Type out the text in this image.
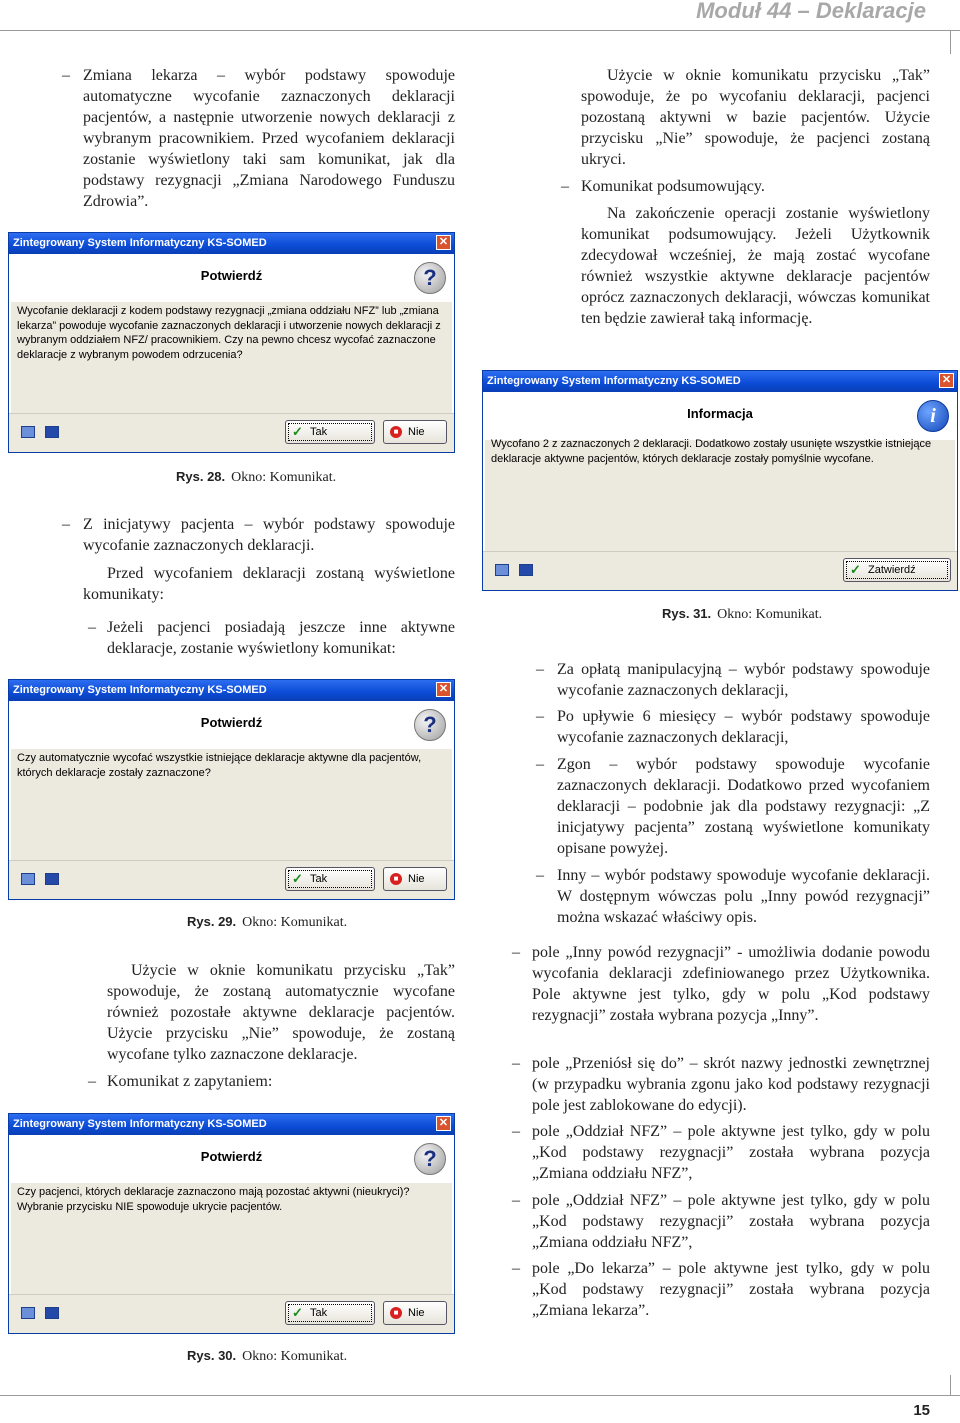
Moduł 44 – Deklaracje
– Zmiana lekarza – wybór podstawy spowoduje automatyczne wycofanie zaznaczonych deklaracji pacjentów, a następnie utworzenie nowych deklaracji z wybranym pracownikiem. Przed wycofaniem deklaracji zostanie wyświetlony taki sam komunikat, jak dla podstawy rezygnacji „Zmiana Narodowego Funduszu Zdrowia”.

Zintegrowany System Informatyczny KS-SOMED	✕
Potwierdź	?
Wycofanie deklaracji z kodem podstawy rezygnacji „zmiana oddziału NFZ” lub „zmiana lekarza” powoduje wycofanie zaznaczonych deklaracji i utworzenie nowych deklaracji z wybranym oddziałem NFZ/ pracownikiem. Czy na pewno chcesz wycofać zaznaczone deklaracje z wybranym powodem odrzucenia?
✓ Tak	■ Nie
Rys. 28. Okno: Komunikat.
– Z inicjatywy pacjenta – wybór podstawy spowoduje wycofanie zaznaczonych deklaracji.

Przed wycofaniem deklaracji zostaną wyświetlone komunikaty:

– Jeżeli pacjenci posiadają jeszcze inne aktywne deklaracje, zostanie wyświetlony komunikat:

Zintegrowany System Informatyczny KS-SOMED	✕
Potwierdź	?
Czy automatycznie wycofać wszystkie istniejące deklaracje aktywne dla pacjentów, których deklaracje zostały zaznaczone?
✓ Tak	■ Nie
Rys. 29. Okno: Komunikat.

Użycie w oknie komunikatu przycisku „Tak” spowoduje, że zostaną automatycznie wycofane również pozostałe aktywne deklaracje pacjentów. Użycie przycisku „Nie” spowoduje, że zostaną wycofane tylko zaznaczone deklaracje.

– Komunikat z zapytaniem:

Zintegrowany System Informatyczny KS-SOMED	✕
Potwierdź	?
Czy pacjenci, których deklaracje zaznaczono mają pozostać aktywni (nieukryci)? Wybranie przycisku NIE spowoduje ukrycie pacjentów.
✓ Tak	■ Nie
Rys. 30. Okno: Komunikat.

Użycie w oknie komunikatu przycisku „Tak” spowoduje, że po wycofaniu deklaracji, pacjenci pozostaną aktywni w bazie pacjentów. Użycie przycisku „Nie” spowoduje, że pacjenci zostaną ukryci.

– Komunikat podsumowujący.

Na zakończenie operacji zostanie wyświetlony komunikat podsumowujący. Jeżeli Użytkownik zdecydował wcześniej, że mają zostać wycofane również wszystkie aktywne deklaracje pacjentów oprócz zaznaczonych deklaracji, wówczas komunikat ten będzie zawierał taką informację.

Zintegrowany System Informatyczny KS-SOMED	✕
Informacja	i
Wycofano 2 z zaznaczonych 2 deklaracji. Dodatkowo zostały usunięte wszystkie istniejące deklaracje aktywne pacjentów, których deklaracje zostały pomyślnie wycofane.
✓ Zatwierdź
Rys. 31. Okno: Komunikat.
– Za opłatą manipulacyjną – wybór podstawy spowoduje wycofanie zaznaczonych deklaracji,

– Po upływie 6 miesięcy – wybór podstawy spowoduje wycofanie zaznaczonych deklaracji,

– Zgon – wybór podstawy spowoduje wycofanie zaznaczonych deklaracji. Dodatkowo przed wycofaniem deklaracji – podobnie jak dla podstawy rezygnacji: „Z inicjatywy pacjenta” zostaną wyświetlone komunikaty opisane powyżej.

– Inny – wybór podstawy spowoduje wycofanie deklaracji. W dostępnym wówczas polu „Inny powód rezygnacji” można wskazać właściwy opis.

– pole „Inny powód rezygnacji” - umożliwia dodanie powodu wycofania deklaracji zdefiniowanego przez Użytkownika. Pole aktywne jest tylko, gdy w polu „Kod podstawy rezygnacji” została wybrana pozycja „Inny”.

– pole „Przeniósł się do” – skrót nazwy jednostki zewnętrznej (w przypadku wybrania zgonu jako kod podstawy rezygnacji pole jest zablokowane do edycji).

– pole „Oddział NFZ” – pole aktywne jest tylko, gdy w polu „Kod podstawy rezygnacji” została wybrana pozycja „Zmiana oddziału NFZ”,

– pole „Oddział NFZ” – pole aktywne jest tylko, gdy w polu „Kod podstawy rezygnacji” została wybrana pozycja „Zmiana oddziału NFZ”,

– pole „Do lekarza” – pole aktywne jest tylko, gdy w polu „Kod podstawy rezygnacji” została wybrana pozycja „Zmiana lekarza”.

15
